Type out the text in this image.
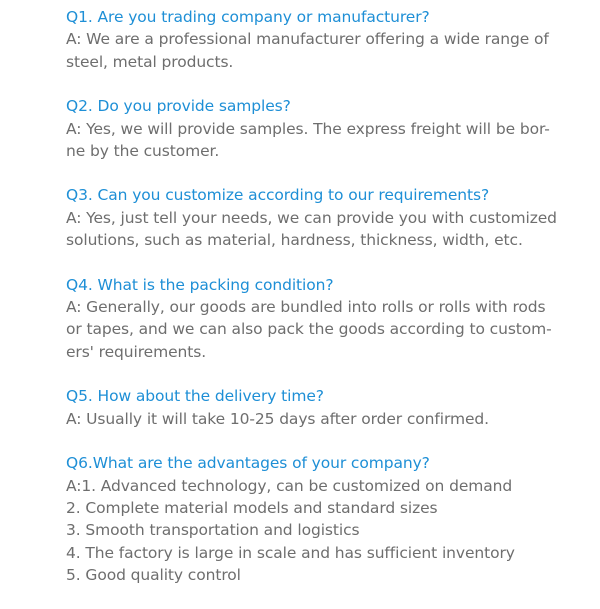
Q1. Are you trading company or manufacturer?
A: We are a professional manufacturer offering a wide range of
steel, metal products.
Q2. Do you provide samples?
A: Yes, we will provide samples. The express freight will be bor-
ne by the customer.
Q3. Can you customize according to our requirements?
A: Yes, just tell your needs, we can provide you with customized
solutions, such as material, hardness, thickness, width, etc.
Q4. What is the packing condition?
A: Generally, our goods are bundled into rolls or rolls with rods
or tapes, and we can also pack the goods according to custom-
ers' requirements.
Q5. How about the delivery time?
A: Usually it will take 10-25 days after order confirmed.
Q6.What are the advantages of your company?
A:1. Advanced technology, can be customized on demand
2. Complete material models and standard sizes
3. Smooth transportation and logistics
4. The factory is large in scale and has sufficient inventory
5. Good quality control
